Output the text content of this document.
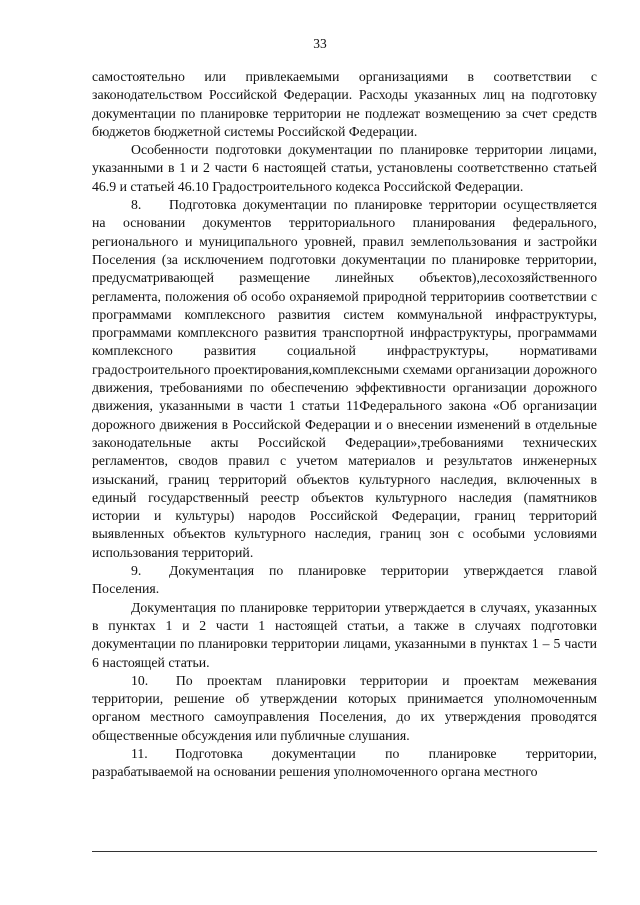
33

самостоятельно или привлекаемыми организациями в соответствии с законодательством Российской Федерации. Расходы указанных лиц на подготовку документации по планировке территории не подлежат возмещению за счет средств бюджетов бюджетной системы Российской Федерации.

Особенности подготовки документации по планировке территории лицами, указанными в 1 и 2 части 6 настоящей статьи, установлены соответственно статьей 46.9 и статьей 46.10 Градостроительного кодекса Российской Федерации.

8.  Подготовка документации по планировке территории осуществляется на основании документов территориального планирования федерального, регионального и муниципального уровней, правил землепользования и застройки Поселения (за исключением подготовки документации по планировке территории, предусматривающей размещение линейных объектов),лесохозяйственного регламента, положения об особо охраняемой природной территориив соответствии с программами комплексного развития систем коммунальной инфраструктуры, программами комплексного развития транспортной инфраструктуры, программами комплексного развития социальной инфраструктуры, нормативами градостроительного проектирования,комплексными схемами организации дорожного движения, требованиями по обеспечению эффективности организации дорожного движения, указанными в части 1 статьи 11Федерального закона «Об организации дорожного движения в Российской Федерации и о внесении изменений в отдельные законодательные акты Российской Федерации»,требованиями технических регламентов, сводов правил с учетом материалов и результатов инженерных изысканий, границ территорий объектов культурного наследия, включенных в единый государственный реестр объектов культурного наследия (памятников истории и культуры) народов Российской Федерации, границ территорий выявленных объектов культурного наследия, границ зон с особыми условиями использования территорий.

9.  Документация по планировке территории утверждается главой Поселения.

Документация по планировке территории утверждается в случаях, указанных в пунктах 1 и 2 части 1 настоящей статьи, а также в случаях подготовки документации по планировки территории лицами, указанными в пунктах 1 – 5 части 6 настоящей статьи.

10.  По проектам планировки территории и проектам межевания территории, решение об утверждении которых принимается уполномоченным органом местного самоуправления Поселения, до их утверждения проводятся общественные обсуждения или публичные слушания.

11.  Подготовка документации по планировке территории, разрабатываемой на основании решения уполномоченного органа местного
